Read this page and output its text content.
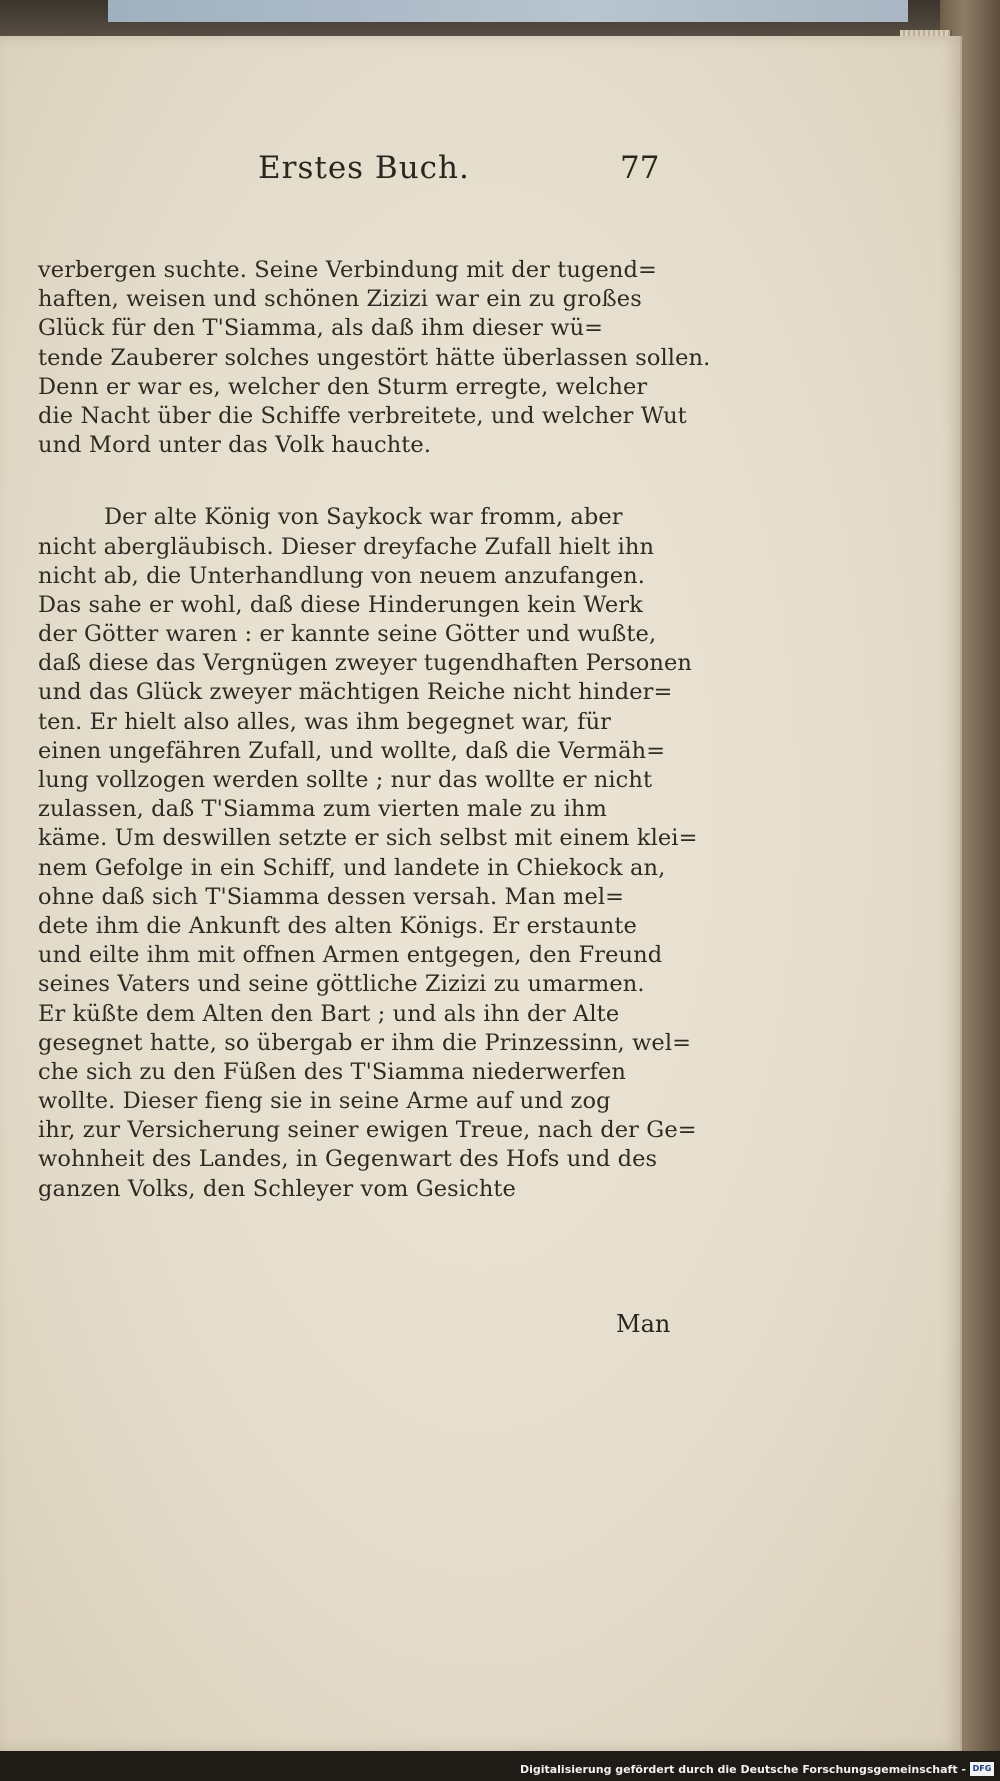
Erstes Buch.	77
verbergen suchte. Seine Verbindung mit der tugend=
haften, weisen und schönen Zizizi war ein zu großes
Glück für den T'Siamma, als daß ihm dieser wü=
tende Zauberer solches ungestört hätte überlassen sollen.
Denn er war es, welcher den Sturm erregte, welcher
die Nacht über die Schiffe verbreitete, und welcher Wut
und Mord unter das Volk hauchte.
Der alte König von Saykock war fromm, aber
nicht abergläubisch. Dieser dreyfache Zufall hielt ihn
nicht ab, die Unterhandlung von neuem anzufangen.
Das sahe er wohl, daß diese Hinderungen kein Werk
der Götter waren : er kannte seine Götter und wußte,
daß diese das Vergnügen zweyer tugendhaften Personen
und das Glück zweyer mächtigen Reiche nicht hinder=
ten. Er hielt also alles, was ihm begegnet war, für
einen ungefähren Zufall, und wollte, daß die Vermäh=
lung vollzogen werden sollte ; nur das wollte er nicht
zulassen, daß T'Siamma zum vierten male zu ihm
käme. Um deswillen setzte er sich selbst mit einem klei=
nem Gefolge in ein Schiff, und landete in Chiekock an,
ohne daß sich T'Siamma dessen versah. Man mel=
dete ihm die Ankunft des alten Königs. Er erstaunte
und eilte ihm mit offnen Armen entgegen, den Freund
seines Vaters und seine göttliche Zizizi zu umarmen.
Er küßte dem Alten den Bart ; und als ihn der Alte
gesegnet hatte, so übergab er ihm die Prinzessinn, wel=
che sich zu den Füßen des T'Siamma niederwerfen
wollte. Dieser fieng sie in seine Arme auf und zog
ihr, zur Versicherung seiner ewigen Treue, nach der Ge=
wohnheit des Landes, in Gegenwart des Hofs und des
ganzen Volks, den Schleyer vom Gesichte
Man
Digitalisierung gefördert durch die Deutsche Forschungsgemeinschaft - DFG
